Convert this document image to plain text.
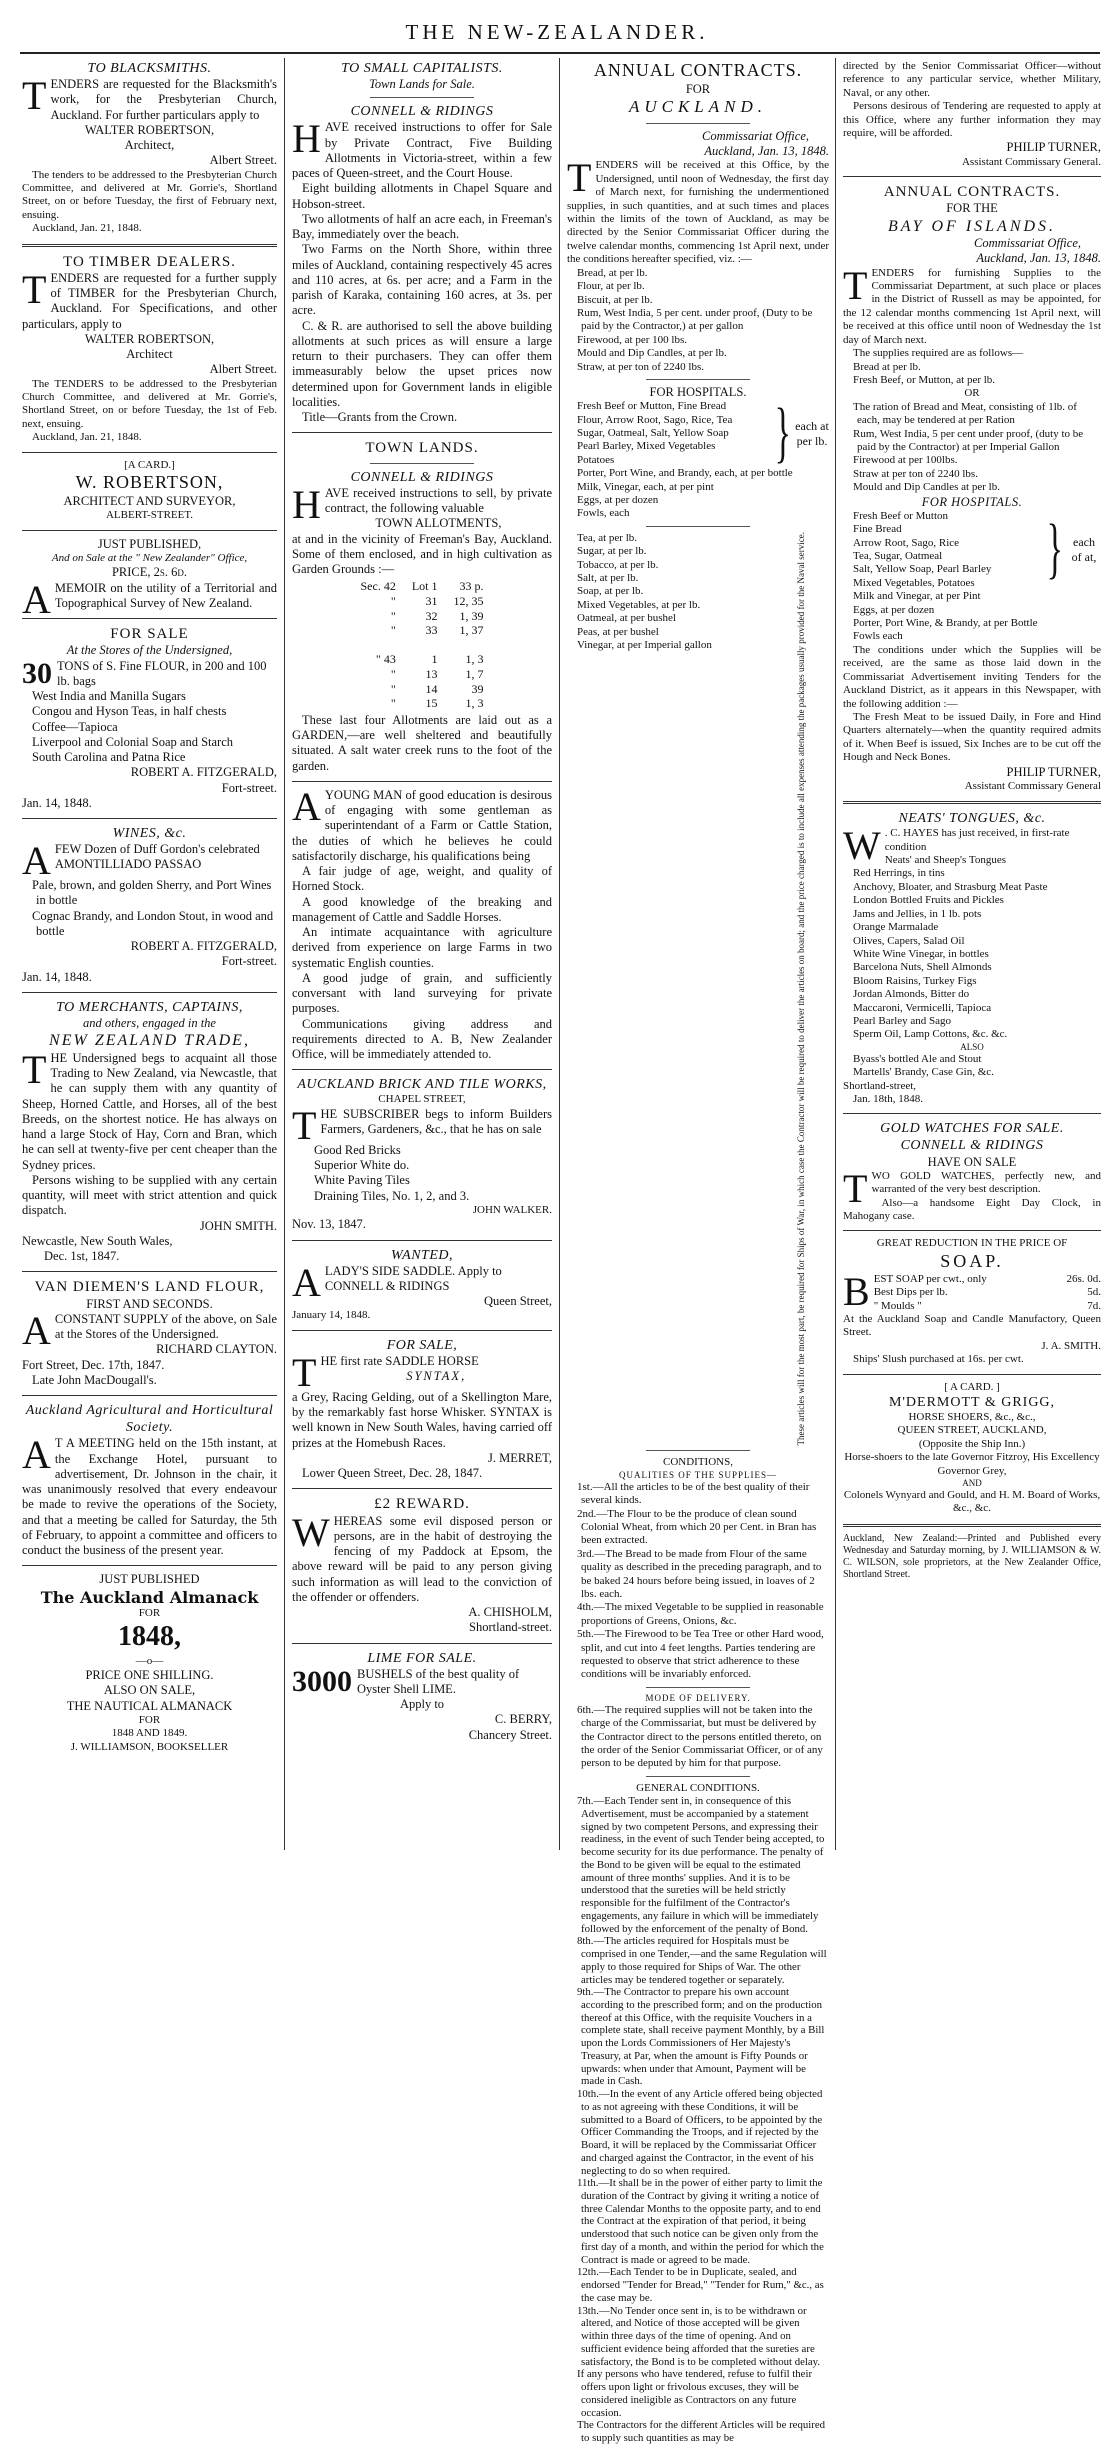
THE NEW-ZEALANDER.
TO BLACKSMITHS.
TENDERS are requested for the Blacksmith's work, for the Presbyterian Church, Auckland. For further particulars apply to
WALTER ROBERTSON,
Architect,
Albert Street.
The tenders to be addressed to the Presbyterian Church Committee, and delivered at Mr. Gorrie's, Shortland Street, on or before Tuesday, the first of February next, ensuing.
Auckland, Jan. 21, 1848.
TO TIMBER DEALERS.
TENDERS are requested for a further supply of TIMBER for the Presbyterian Church, Auckland. For Specifications, and other particulars, apply to
WALTER ROBERTSON,
Architect
Albert Street.
The TENDERS to be addressed to the Presbyterian Church Committee, and delivered at Mr. Gorrie's, Shortland Street, on or before Tuesday, the 1st of Feb. next, ensuing.
Auckland, Jan. 21, 1848.
[A CARD.]
W. ROBERTSON,
ARCHITECT AND SURVEYOR,
ALBERT-STREET.
JUST PUBLISHED,
And on Sale at the " New Zealander" Office,
PRICE, 2s. 6d.
AMEMOIR on the utility of a Territorial and Topographical Survey of New Zealand.
FOR SALE
At the Stores of the Undersigned,
30 TONS of S. Fine FLOUR, in 200 and 100 lb. bags
West India and Manilla Sugars
Congou and Hyson Teas, in half chests
Coffee—Tapioca
Liverpool and Colonial Soap and Starch
South Carolina and Patna Rice
ROBERT A. FITZGERALD,
Fort-street.
Jan. 14, 1848.
WINES, &c.
AFEW Dozen of Duff Gordon's celebrated AMONTILLIADO PASSAO
Pale, brown, and golden Sherry, and Port Wines in bottle
Cognac Brandy, and London Stout, in wood and bottle
ROBERT A. FITZGERALD,
Fort-street.
Jan. 14, 1848.
TO MERCHANTS, CAPTAINS,
and others, engaged in the
NEW ZEALAND TRADE,
THE Undersigned begs to acquaint all those Trading to New Zealand, via Newcastle, that he can supply them with any quantity of Sheep, Horned Cattle, and Horses, all of the best Breeds, on the shortest notice. He has always on hand a large Stock of Hay, Corn and Bran, which he can sell at twenty-five per cent cheaper than the Sydney prices.
Persons wishing to be supplied with any certain quantity, will meet with strict attention and quick dispatch.
JOHN SMITH.
Newcastle, New South Wales,
Dec. 1st, 1847.
VAN DIEMEN'S LAND FLOUR,
FIRST AND SECONDS.
ACONSTANT SUPPLY of the above, on Sale at the Stores of the Undersigned.
RICHARD CLAYTON.
Fort Street, Dec. 17th, 1847.
Late John MacDougall's.
Auckland Agricultural and Horticultural Society.
A T A MEETING held on the 15th instant, at the Exchange Hotel, pursuant to advertisement, Dr. Johnson in the chair, it was unanimously resolved that every endeavour be made to revive the operations of the Society, and that a meeting be called for Saturday, the 5th of February, to appoint a committee and officers to conduct the business of the present year.
JUST PUBLISHED
The Auckland Almanack
FOR
1848,
—o—
PRICE ONE SHILLING.
ALSO ON SALE,
THE NAUTICAL ALMANACK
FOR
1848 AND 1849.
J. WILLIAMSON, BOOKSELLER
TO SMALL CAPITALISTS.
Town Lands for Sale.
CONNELL & RIDINGS
HAVE received instructions to offer for Sale by Private Contract, Five Building Allotments in Victoria-street, within a few paces of Queen-street, and the Court House.
Eight building allotments in Chapel Square and Hobson-street.
Two allotments of half an acre each, in Freeman's Bay, immediately over the beach.
Two Farms on the North Shore, within three miles of Auckland, containing respectively 45 acres and 110 acres, at 6s. per acre; and a Farm in the parish of Karaka, containing 160 acres, at 3s. per acre.
C. & R. are authorised to sell the above building allotments at such prices as will ensure a large return to their purchasers. They can offer them immeasurably below the upset prices now determined upon for Government lands in eligible localities.
Title—Grants from the Crown.
TOWN LANDS.
CONNELL & RIDINGS
HAVE received instructions to sell, by private contract, the following valuable
TOWN ALLOTMENTS,
at and in the vicinity of Freeman's Bay, Auckland. Some of them enclosed, and in high cultivation as Garden Grounds :—
Sec. 42	Lot 1	33 p.
"	31	12, 35
"	32	1, 39
"	33	1, 37

" 43	1	1, 3
"	13	1, 7
"	14	39
"	15	1, 3
These last four Allotments are laid out as a GARDEN,—are well sheltered and beautifully situated. A salt water creek runs to the foot of the garden.
AYOUNG MAN of good education is desirous of engaging with some gentleman as superintendant of a Farm or Cattle Station, the duties of which he believes he could satisfactorily discharge, his qualifications being
A fair judge of age, weight, and quality of Horned Stock.
A good knowledge of the breaking and management of Cattle and Saddle Horses.
An intimate acquaintance with agriculture derived from experience on large Farms in two systematic English counties.
A good judge of grain, and sufficiently conversant with land surveying for private purposes.
Communications giving address and requirements directed to A. B, New Zealander Office, will be immediately attended to.
AUCKLAND BRICK AND TILE WORKS,
CHAPEL STREET,
THE SUBSCRIBER begs to inform Builders Farmers, Gardeners, &c., that he has on sale
Good Red Bricks
Superior White do.
White Paving Tiles
Draining Tiles, No. 1, 2, and 3.
JOHN WALKER.
Nov. 13, 1847.
WANTED,
ALADY'S SIDE SADDLE. Apply to CONNELL & RIDINGS
Queen Street,
January 14, 1848.
FOR SALE,
THE first rate SADDLE HORSE
SYNTAX,
a Grey, Racing Gelding, out of a Skellington Mare, by the remarkably fast horse Whisker. SYNTAX is well known in New South Wales, having carried off prizes at the Homebush Races.
J. MERRET,
Lower Queen Street, Dec. 28, 1847.
£2 REWARD.
WHEREAS some evil disposed person or persons, are in the habit of destroying the fencing of my Paddock at Epsom, the above reward will be paid to any person giving such information as will lead to the conviction of the offender or offenders.
A. CHISHOLM,
Shortland-street.
LIME FOR SALE.
3000 BUSHELS of the best quality of Oyster Shell LIME.
Apply to
C. BERRY,
Chancery Street.
ANNUAL CONTRACTS.
FOR
AUCKLAND.
Commissariat Office,
Auckland, Jan. 13, 1848.
TENDERS will be received at this Office, by the Undersigned, until noon of Wednesday, the first day of March next, for furnishing the undermentioned supplies, in such quantities, and at such times and places within the limits of the town of Auckland, as may be directed by the Senior Commissariat Officer during the twelve calendar months, commencing 1st April next, under the conditions hereafter specified, viz. :—
Bread, at per lb.
Flour, at per lb.
Biscuit, at per lb.
Rum, West India, 5 per cent. under proof, (Duty to be paid by the Contractor,) at per gallon
Firewood, at per 100 lbs.
Mould and Dip Candles, at per lb.
Straw, at per ton of 2240 lbs.
FOR HOSPITALS.
Fresh Beef or Mutton, Fine Bread
Flour, Arrow Root, Sago, Rice, Tea
Sugar, Oatmeal, Salt, Yellow Soap
Pearl Barley, Mixed Vegetables
Potatoes	} each at per lb.
Porter, Port Wine, and Brandy, each, at per bottle
Milk, Vinegar, each, at per pint
Eggs, at per dozen
Fowls, each
Tea, at per lb.
Sugar, at per lb.
Tobacco, at per lb.
Salt, at per lb.
Soap, at per lb.
Mixed Vegetables, at per lb.
Oatmeal, at per bushel
Peas, at per bushel
Vinegar, at per Imperial gallon	These articles will for the most part, be required for Ships of War, in which case the Contractor will be required to deliver the articles on board; and the price charged is to include all expenses attending the packages usually provided for the Naval service.
CONDITIONS,
QUALITIES OF THE SUPPLIES—
1st.—All the articles to be of the best quality of their several kinds.
2nd.—The Flour to be the produce of clean sound Colonial Wheat, from which 20 per Cent. in Bran has been extracted.
3rd.—The Bread to be made from Flour of the same quality as described in the preceding paragraph, and to be baked 24 hours before being issued, in loaves of 2 lbs. each.
4th.—The mixed Vegetable to be supplied in reasonable proportions of Greens, Onions, &c.
5th.—The Firewood to be Tea Tree or other Hard wood, split, and cut into 4 feet lengths. Parties tendering are requested to observe that strict adherence to these conditions will be invariably enforced.
MODE OF DELIVERY.
6th.—The required supplies will not be taken into the charge of the Commissariat, but must be delivered by the Contractor direct to the persons entitled thereto, on the order of the Senior Commissariat Officer, or of any person to be deputed by him for that purpose.
GENERAL CONDITIONS.
7th.—Each Tender sent in, in consequence of this Advertisement, must be accompanied by a statement signed by two competent Persons, and expressing their readiness, in the event of such Tender being accepted, to become security for its due performance. The penalty of the Bond to be given will be equal to the estimated amount of three months' supplies. And it is to be understood that the sureties will be held strictly responsible for the fulfilment of the Contractor's engagements, any failure in which will be immediately followed by the enforcement of the penalty of Bond.
8th.—The articles required for Hospitals must be comprised in one Tender,—and the same Regulation will apply to those required for Ships of War. The other articles may be tendered together or separately.
9th.—The Contractor to prepare his own account according to the prescribed form; and on the production thereof at this Office, with the requisite Vouchers in a complete state, shall receive payment Monthly, by a Bill upon the Lords Commissioners of Her Majesty's Treasury, at Par, when the amount is Fifty Pounds or upwards: when under that Amount, Payment will be made in Cash.
10th.—In the event of any Article offered being objected to as not agreeing with these Conditions, it will be submitted to a Board of Officers, to be appointed by the Officer Commanding the Troops, and if rejected by the Board, it will be replaced by the Commissariat Officer and charged against the Contractor, in the event of his neglecting to do so when required.
11th.—It shall be in the power of either party to limit the duration of the Contract by giving it writing a notice of three Calendar Months to the opposite party, and to end the Contract at the expiration of that period, it being understood that such notice can be given only from the first day of a month, and within the period for which the Contract is made or agreed to be made.
12th.—Each Tender to be in Duplicate, sealed, and endorsed "Tender for Bread," "Tender for Rum," &c., as the case may be.
13th.—No Tender once sent in, is to be withdrawn or altered, and Notice of those accepted will be given within three days of the time of opening. And on sufficient evidence being afforded that the sureties are satisfactory, the Bond is to be completed without delay.
If any persons who have tendered, refuse to fulfil their offers upon light or frivolous excuses, they will be considered ineligible as Contractors on any future occasion.
The Contractors for the different Articles will be required to supply such quantities as may be
directed by the Senior Commissariat Officer—without reference to any particular service, whether Military, Naval, or any other.
Persons desirous of Tendering are requested to apply at this Office, where any further information they may require, will be afforded.
PHILIP TURNER,
Assistant Commissary General.
ANNUAL CONTRACTS.
FOR THE
BAY OF ISLANDS.
Commissariat Office,
Auckland, Jan. 13, 1848.
TENDERS for furnishing Supplies to the Commissariat Department, at such place or places in the District of Russell as may be appointed, for the 12 calendar months commencing 1st April next, will be received at this office until noon of Wednesday the 1st day of March next.
The supplies required are as follows—
Bread at per lb.
Fresh Beef, or Mutton, at per lb.
OR
The ration of Bread and Meat, consisting of 1lb. of each, may be tendered at per Ration
Rum, West India, 5 per cent under proof, (duty to be paid by the Contractor) at per Imperial Gallon
Firewood at per 100lbs.
Straw at per ton of 2240 lbs.
Mould and Dip Candles at per lb.
FOR HOSPITALS.
Fresh Beef or Mutton
Fine Bread
Arrow Root, Sago, Rice
Tea, Sugar, Oatmeal
Salt, Yellow Soap, Pearl Barley
Mixed Vegetables, Potatoes	} each of at,
Milk and Vinegar, at per Pint
Eggs, at per dozen
Porter, Port Wine, & Brandy, at per Bottle
Fowls each
The conditions under which the Supplies will be received, are the same as those laid down in the Commissariat Advertisement inviting Tenders for the Auckland District, as it appears in this Newspaper, with the following addition :—
The Fresh Meat to be issued Daily, in Fore and Hind Quarters alternately—when the quantity required admits of it. When Beef is issued, Six Inches are to be cut off the Hough and Neck Bones.
PHILIP TURNER,
Assistant Commissary General
NEATS' TONGUES, &c.
W . C. HAYES has just received, in first-rate condition
Neats' and Sheep's Tongues
Red Herrings, in tins
Anchovy, Bloater, and Strasburg Meat Paste
London Bottled Fruits and Pickles
Jams and Jellies, in 1 lb. pots
Orange Marmalade
Olives, Capers, Salad Oil
White Wine Vinegar, in bottles
Barcelona Nuts, Shell Almonds
Bloom Raisins, Turkey Figs
Jordan Almonds, Bitter do
Maccaroni, Vermicelli, Tapioca
Pearl Barley and Sago
Sperm Oil, Lamp Cottons, &c. &c.
ALSO
Byass's bottled Ale and Stout
Martells' Brandy, Case Gin, &c.
Shortland-street,
Jan. 18th, 1848.
GOLD WATCHES FOR SALE.
CONNELL & RIDINGS
HAVE ON SALE
TWO GOLD WATCHES, perfectly new, and warranted of the very best description.
Also—a handsome Eight Day Clock, in Mahogany case.
GREAT REDUCTION IN THE PRICE OF
SOAP.
B EST SOAP per cwt., only	26s. 0d.
Best Dips per lb.	5d.
" Moulds "	7d.
At the Auckland Soap and Candle Manufactory, Queen Street.
J. A. SMITH.
Ships' Slush purchased at 16s. per cwt.
[ A CARD. ]
M'DERMOTT & GRIGG,
HORSE SHOERS, &c., &c.,
QUEEN STREET, AUCKLAND,
(Opposite the Ship Inn.)
Horse-shoers to the late Governor Fitzroy, His Excellency Governor Grey,
AND
Colonels Wynyard and Gould, and H. M. Board of Works, &c., &c.
Auckland, New Zealand:—Printed and Published every Wednesday and Saturday morning, by J. WILLIAMSON & W. C. WILSON, sole proprietors, at the New Zealander Office, Shortland Street.
